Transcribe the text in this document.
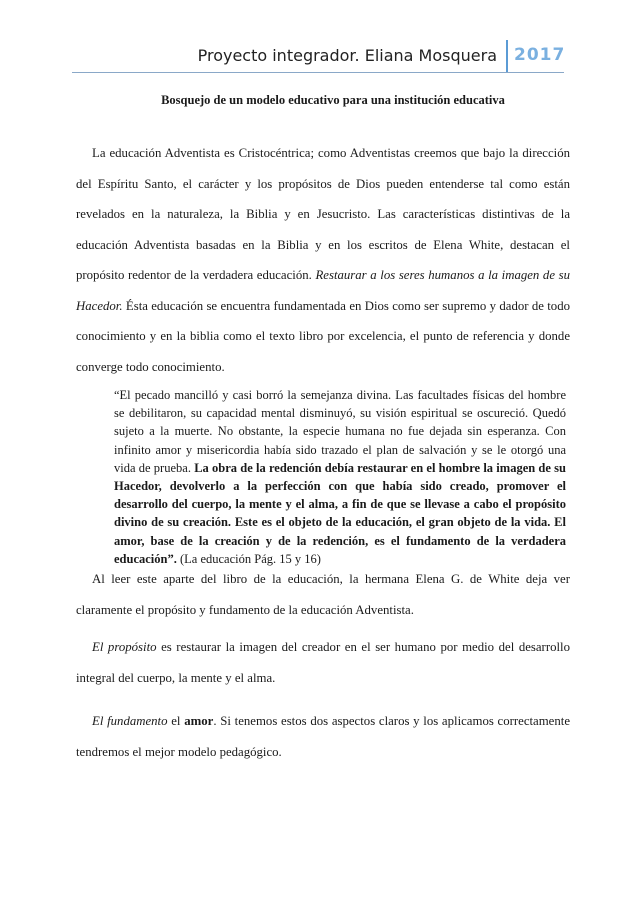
Proyecto integrador. Eliana Mosquera 2017
Bosquejo de un modelo educativo para una institución educativa
La educación Adventista es Cristocéntrica; como Adventistas creemos que bajo la dirección del Espíritu Santo, el carácter y los propósitos de Dios pueden entenderse tal como están revelados en la naturaleza, la Biblia y en Jesucristo. Las características distintivas de la educación Adventista basadas en la Biblia y en los escritos de Elena White, destacan el propósito redentor de la verdadera educación. Restaurar a los seres humanos a la imagen de su Hacedor. Ésta educación se encuentra fundamentada en Dios como ser supremo y dador de todo conocimiento y en la biblia como el texto libro por excelencia, el punto de referencia y donde converge todo conocimiento.
“El pecado mancilló y casi borró la semejanza divina. Las facultades físicas del hombre se debilitaron, su capacidad mental disminuyó, su visión espiritual se oscureció. Quedó sujeto a la muerte. No obstante, la especie humana no fue dejada sin esperanza. Con infinito amor y misericordia había sido trazado el plan de salvación y se le otorgó una vida de prueba. La obra de la redención debía restaurar en el hombre la imagen de su Hacedor, devolverlo a la perfección con que había sido creado, promover el desarrollo del cuerpo, la mente y el alma, a fin de que se llevase a cabo el propósito divino de su creación. Este es el objeto de la educación, el gran objeto de la vida. El amor, base de la creación y de la redención, es el fundamento de la verdadera educación”. (La educación Pág. 15 y 16)
Al leer este aparte del libro de la educación, la hermana Elena G. de White deja ver claramente el propósito y fundamento de la educación Adventista.
El propósito es restaurar la imagen del creador en el ser humano por medio del desarrollo integral del cuerpo, la mente y el alma.
El fundamento el amor. Si tenemos estos dos aspectos claros y los aplicamos correctamente tendremos el mejor modelo pedagógico.
